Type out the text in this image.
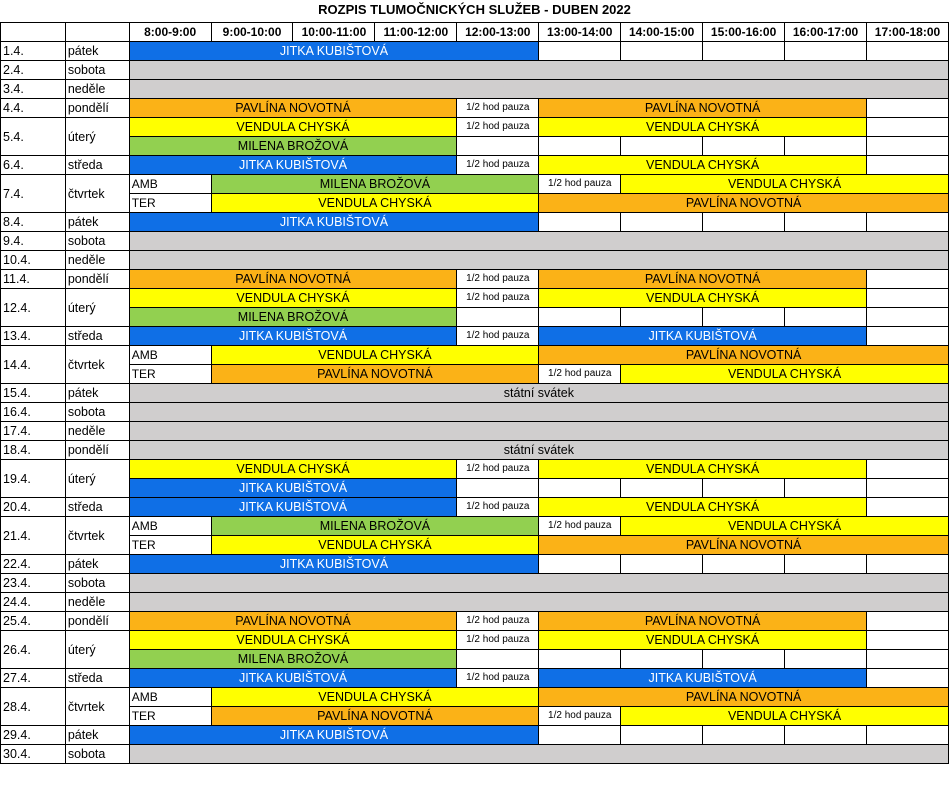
ROZPIS TLUMOČNICKÝCH SLUŽEB - DUBEN 2022
		8:00-9:00	9:00-10:00	10:00-11:00	11:00-12:00	12:00-13:00	13:00-14:00	14:00-15:00	15:00-16:00	16:00-17:00	17:00-18:00
1.4.	pátek	JITKA KUBIŠTOVÁ									
2.4.	sobota										
3.4.	neděle										
4.4.	pondělí	PAVLÍNA NOVOTNÁ				1/2 hod pauza	PAVLÍNA NOVOTNÁ				
5.4.	úterý	VENDULA CHYSKÁ				1/2 hod pauza	VENDULA CHYSKÁ				
		MILENA BROŽOVÁ									
6.4.	středa	JITKA KUBIŠTOVÁ				1/2 hod pauza	VENDULA CHYSKÁ				
7.4.	čtvrtek	AMB	MILENA BROŽOVÁ				1/2 hod pauza	VENDULA CHYSKÁ			
		TER	VENDULA CHYSKÁ				PAVLÍNA NOVOTNÁ				
8.4.	pátek	JITKA KUBIŠTOVÁ									
9.4.	sobota										
10.4.	neděle										
11.4.	pondělí	PAVLÍNA NOVOTNÁ				1/2 hod pauza	PAVLÍNA NOVOTNÁ				
12.4.	úterý	VENDULA CHYSKÁ				1/2 hod pauza	VENDULA CHYSKÁ				
		MILENA BROŽOVÁ									
13.4.	středa	JITKA KUBIŠTOVÁ				1/2 hod pauza	JITKA KUBIŠTOVÁ				
14.4.	čtvrtek	AMB	VENDULA CHYSKÁ				PAVLÍNA NOVOTNÁ				
		TER	PAVLÍNA NOVOTNÁ				1/2 hod pauza	VENDULA CHYSKÁ			
15.4.	pátek	státní svátek									
16.4.	sobota										
17.4.	neděle										
18.4.	pondělí	státní svátek									
19.4.	úterý	VENDULA CHYSKÁ				1/2 hod pauza	VENDULA CHYSKÁ				
		JITKA KUBIŠTOVÁ									
20.4.	středa	JITKA KUBIŠTOVÁ				1/2 hod pauza	VENDULA CHYSKÁ				
21.4.	čtvrtek	AMB	MILENA BROŽOVÁ				1/2 hod pauza	VENDULA CHYSKÁ			
		TER	VENDULA CHYSKÁ				PAVLÍNA NOVOTNÁ				
22.4.	pátek	JITKA KUBIŠTOVÁ									
23.4.	sobota										
24.4.	neděle										
25.4.	pondělí	PAVLÍNA NOVOTNÁ				1/2 hod pauza	PAVLÍNA NOVOTNÁ				
26.4.	úterý	VENDULA CHYSKÁ				1/2 hod pauza	VENDULA CHYSKÁ				
		MILENA BROŽOVÁ									
27.4.	středa	JITKA KUBIŠTOVÁ				1/2 hod pauza	JITKA KUBIŠTOVÁ				
28.4.	čtvrtek	AMB	VENDULA CHYSKÁ				PAVLÍNA NOVOTNÁ				
		TER	PAVLÍNA NOVOTNÁ				1/2 hod pauza	VENDULA CHYSKÁ			
29.4.	pátek	JITKA KUBIŠTOVÁ									
30.4.	sobota										
